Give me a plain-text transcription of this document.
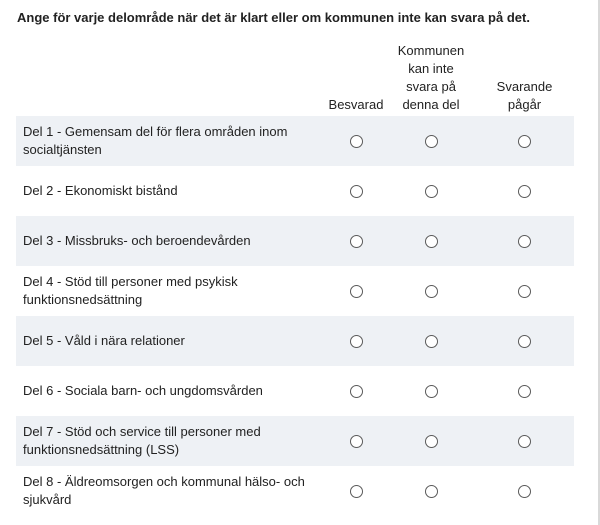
Ange för varje delområde när det är klart eller om kommunen inte kan svara på det.

	Besvarad	Kommunen kan inte svara på denna del	Svarande pågår

Del 1 - Gemensam del för flera områden inom socialtjänsten			
Del 2 - Ekonomiskt bistånd			
Del 3 - Missbruks- och beroendevården			
Del 4 - Stöd till personer med psykisk funktionsnedsättning			
Del 5 - Våld i nära relationer			
Del 6 - Sociala barn- och ungdomsvården			
Del 7 - Stöd och service till personer med funktionsnedsättning (LSS)			
Del 8 - Äldreomsorgen och kommunal hälso- och sjukvård			
